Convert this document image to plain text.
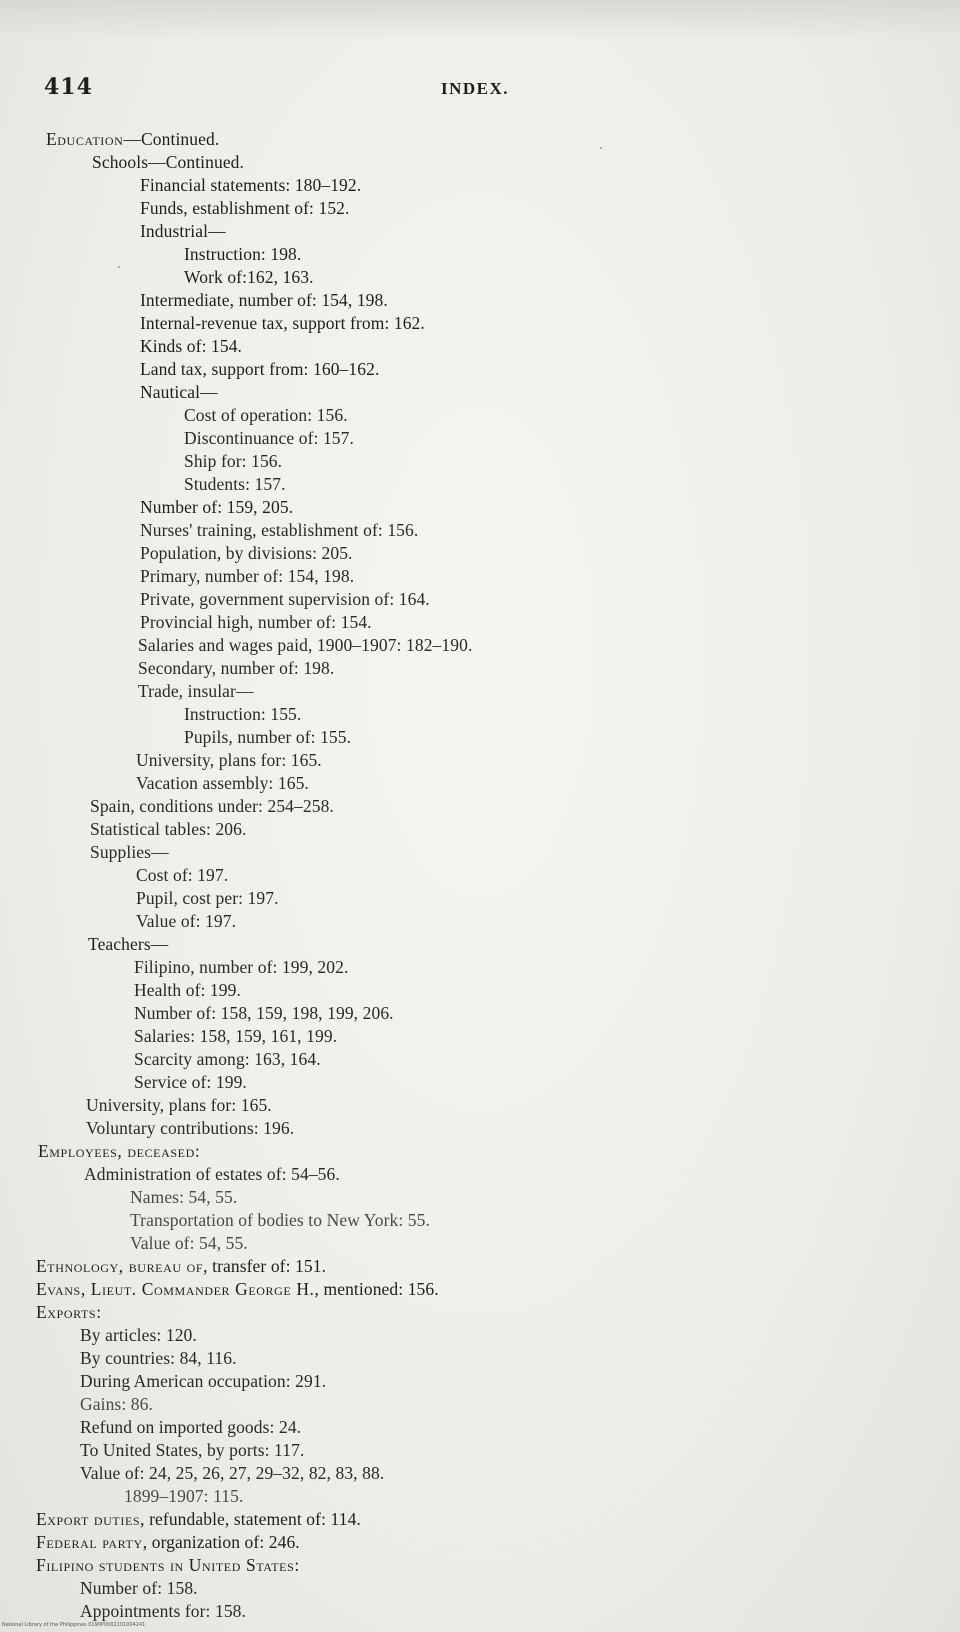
414	INDEX.
Education—Continued.
Schools—Continued.
Financial statements: 180–192.
Funds, establishment of: 152.
Industrial—
Instruction: 198.
Work of:162, 163.
Intermediate, number of: 154, 198.
Internal-revenue tax, support from: 162.
Kinds of: 154.
Land tax, support from: 160–162.
Nautical—
Cost of operation: 156.
Discontinuance of: 157.
Ship for: 156.
Students: 157.
Number of: 159, 205.
Nurses' training, establishment of: 156.
Population, by divisions: 205.
Primary, number of: 154, 198.
Private, government supervision of: 164.
Provincial high, number of: 154.
Salaries and wages paid, 1900–1907: 182–190.
Secondary, number of: 198.
Trade, insular—
Instruction: 155.
Pupils, number of: 155.
University, plans for: 165.
Vacation assembly: 165.
Spain, conditions under: 254–258.
Statistical tables: 206.
Supplies—
Cost of: 197.
Pupil, cost per: 197.
Value of: 197.
Teachers—
Filipino, number of: 199, 202.
Health of: 199.
Number of: 158, 159, 198, 199, 206.
Salaries: 158, 159, 161, 199.
Scarcity among: 163, 164.
Service of: 199.
University, plans for: 165.
Voluntary contributions: 196.
Employees, deceased:
Administration of estates of: 54–56.
Names: 54, 55.
Transportation of bodies to New York: 55.
Value of: 54, 55.
Ethnology, bureau of, transfer of: 151.
Evans, Lieut. Commander George H., mentioned: 156.
Exports:
By articles: 120.
By countries: 84, 116.
During American occupation: 291.
Gains: 86.
Refund on imported goods: 24.
To United States, by ports: 117.
Value of: 24, 25, 26, 27, 29–32, 82, 83, 88.
1899–1907: 115.
Export duties, refundable, statement of: 114.
Federal party, organization of: 246.
Filipino students in United States:
Number of: 158.
Appointments for: 158.
National Library of the Philippines 0190P0002101004241
